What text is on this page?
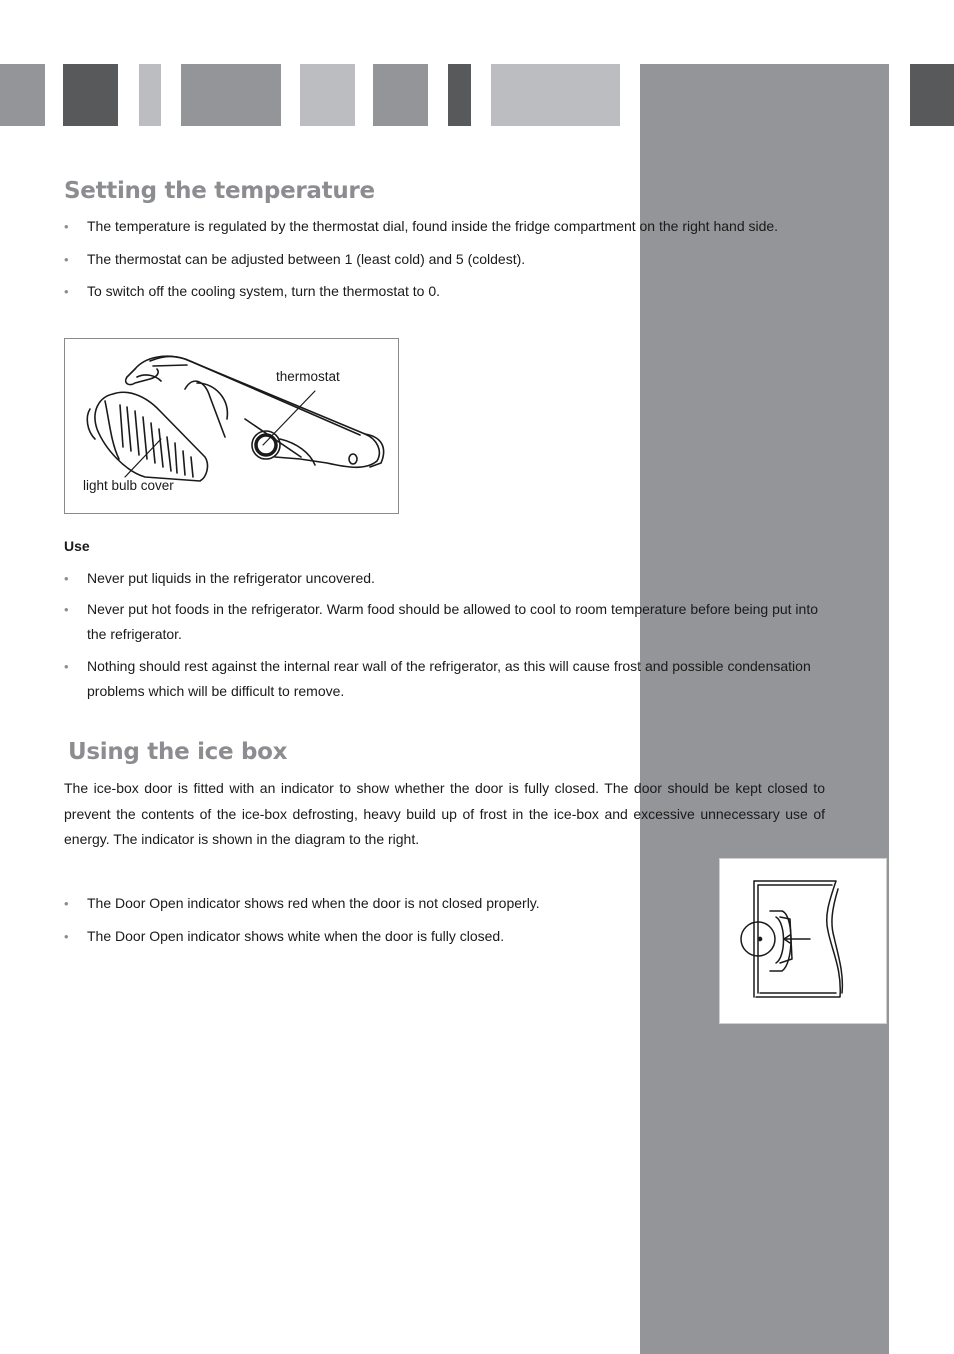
Setting the temperature
• The temperature is regulated by the thermostat dial, found inside the fridge compartment on the right hand side.
• The thermostat can be adjusted between 1 (least cold) and 5 (coldest).
• To switch off the cooling system, turn the thermostat to 0.
thermostat
light bulb cover

Use

• Never put liquids in the refrigerator uncovered.
• Never put hot foods in the refrigerator. Warm food should be allowed to cool to room temperature before being put into the refrigerator.
• Nothing should rest against the internal rear wall of the refrigerator, as this will cause frost and possible condensation problems which will be difficult to remove.
Using the ice box

The ice-box door is fitted with an indicator to show whether the door is fully closed. The door should be kept closed to prevent the contents of the ice-box defrosting, heavy build up of frost in the ice-box and excessive unnecessary use of energy. The indicator is shown in the diagram to the right.

• The Door Open indicator shows red when the door is not closed properly.
• The Door Open indicator shows white when the door is fully closed.
